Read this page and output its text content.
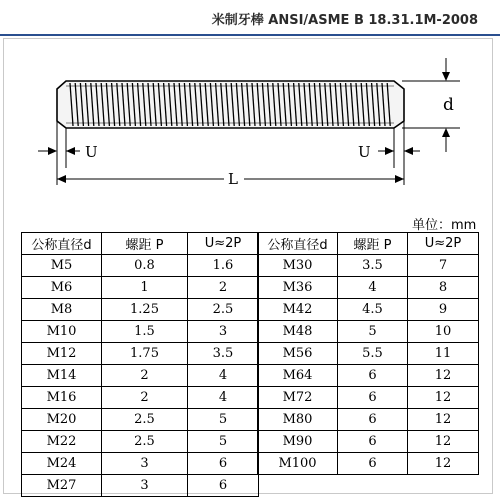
米制牙棒 ANSI/ASME B 18.31.1M-2008
d
U	U
L
单位：mm
公称直径d	螺距 P	U≈2P
M5	0.8	1.6
M6	1	2
M8	1.25	2.5
M10	1.5	3
M12	1.75	3.5
M14	2	4
M16	2	4
M20	2.5	5
M22	2.5	5
M24	3	6
M27	3	6
公称直径d	螺距 P	U≈2P
M30	3.5	7
M36	4	8
M42	4.5	9
M48	5	10
M56	5.5	11
M64	6	12
M72	6	12
M80	6	12
M90	6	12
M100	6	12
